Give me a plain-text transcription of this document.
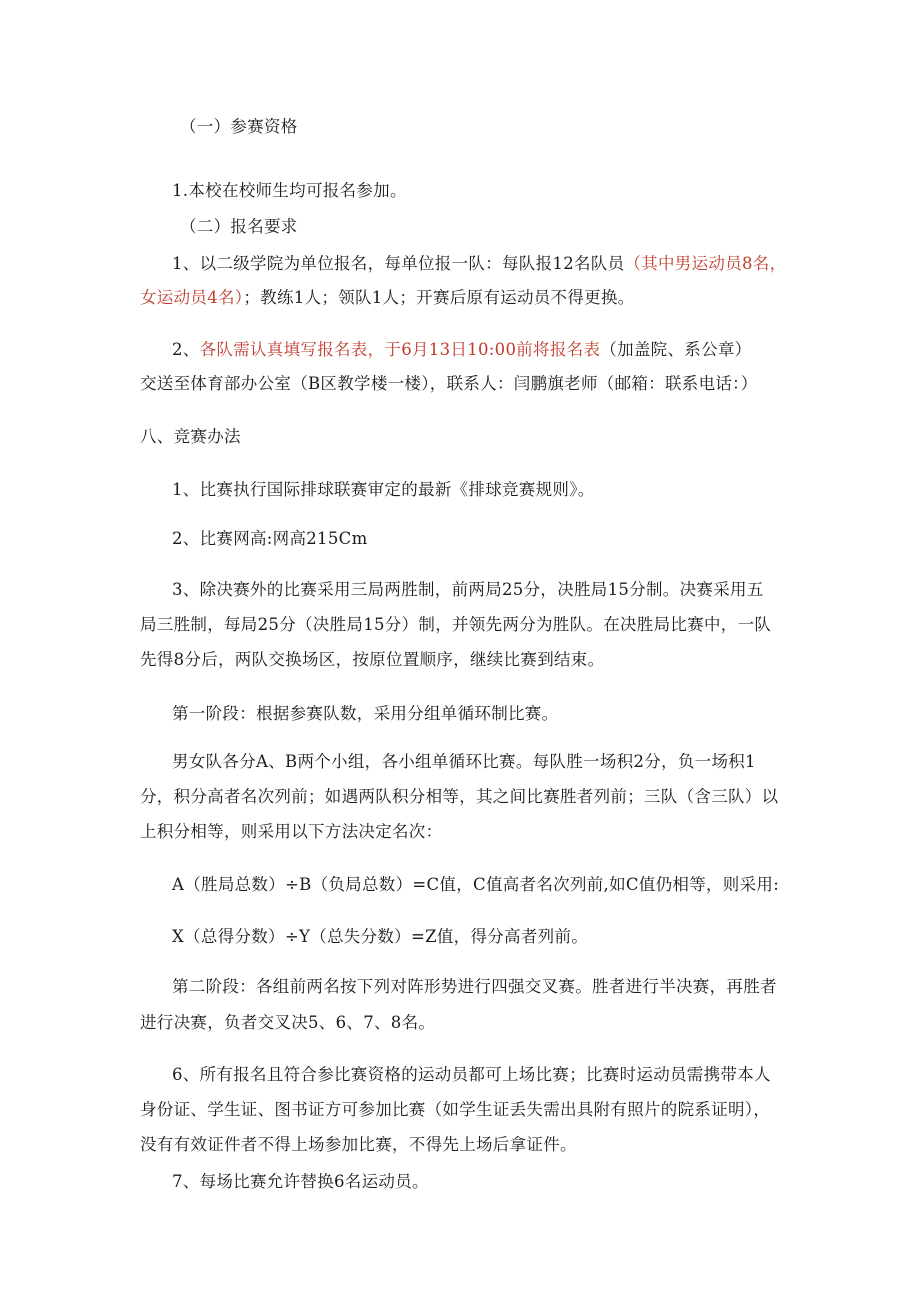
（一）参赛资格
1.本校在校师生均可报名参加。
（二）报名要求
1、以二级学院为单位报名，每单位报一队：每队报12名队员（其中男运动员8名，
女运动员4名）；教练1人；领队1人；开赛后原有运动员不得更换。
2、各队需认真填写报名表，于6月13日10:00前将报名表（加盖院、系公章）
交送至体育部办公室（B区教学楼一楼），联系人：闫鹏旗老师（邮箱：联系电话：）
八、竞赛办法
1、比赛执行国际排球联赛审定的最新《排球竞赛规则》。
2、比赛网高:网高215Cm
3、除决赛外的比赛采用三局两胜制，前两局25分，决胜局15分制。决赛采用五
局三胜制，每局25分（决胜局15分）制，并领先两分为胜队。在决胜局比赛中，一队
先得8分后，两队交换场区，按原位置顺序，继续比赛到结束。
第一阶段：根据参赛队数，采用分组单循环制比赛。
男女队各分A、B两个小组，各小组单循环比赛。每队胜一场积2分，负一场积1
分，积分高者名次列前；如遇两队积分相等，其之间比赛胜者列前；三队（含三队）以
上积分相等，则采用以下方法决定名次：
A（胜局总数）÷B（负局总数）=C值，C值高者名次列前,如C值仍相等，则采用:
X（总得分数）÷Y（总失分数）=Z值，得分高者列前。
第二阶段：各组前两名按下列对阵形势进行四强交叉赛。胜者进行半决赛，再胜者
进行决赛，负者交叉决5、6、7、8名。
6、所有报名且符合参比赛资格的运动员都可上场比赛；比赛时运动员需携带本人
身份证、学生证、图书证方可参加比赛（如学生证丢失需出具附有照片的院系证明），
没有有效证件者不得上场参加比赛，不得先上场后拿证件。
7、每场比赛允许替换6名运动员。
